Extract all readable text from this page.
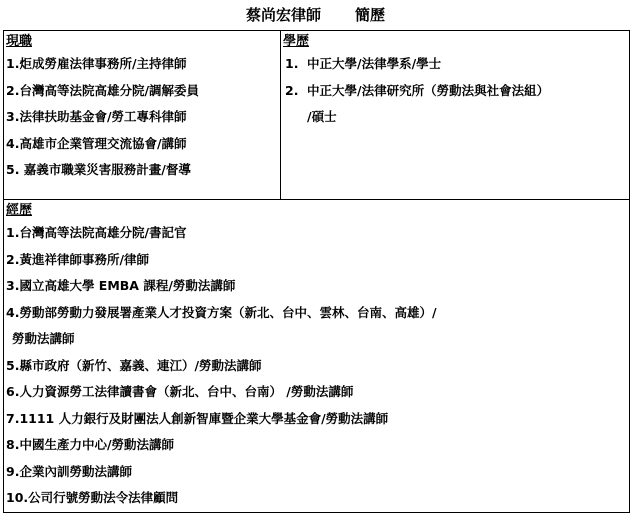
蔡尚宏律師 簡歷
現職
1.炬成勞雇法律事務所/主持律師
2.台灣高等法院高雄分院/調解委員
3.法律扶助基金會/勞工專科律師
4.高雄市企業管理交流協會/講師
5. 嘉義市職業災害服務計畫/督導

學歷
1. 中正大學/法律學系/學士
2. 中正大學/法律研究所（勞動法與社會法組）
/碩士

經歷
1.台灣高等法院高雄分院/書記官
2.黃進祥律師事務所/律師
3.國立高雄大學 EMBA 課程/勞動法講師
4.勞動部勞動力發展署產業人才投資方案（新北、台中、雲林、台南、高雄）/
勞動法講師
5.縣市政府（新竹、嘉義、連江）/勞動法講師
6.人力資源勞工法律讀書會（新北、台中、台南） /勞動法講師
7.1111 人力銀行及財團法人創新智庫暨企業大學基金會/勞動法講師
8.中國生產力中心/勞動法講師
9.企業內訓勞動法講師
10.公司行號勞動法令法律顧問
